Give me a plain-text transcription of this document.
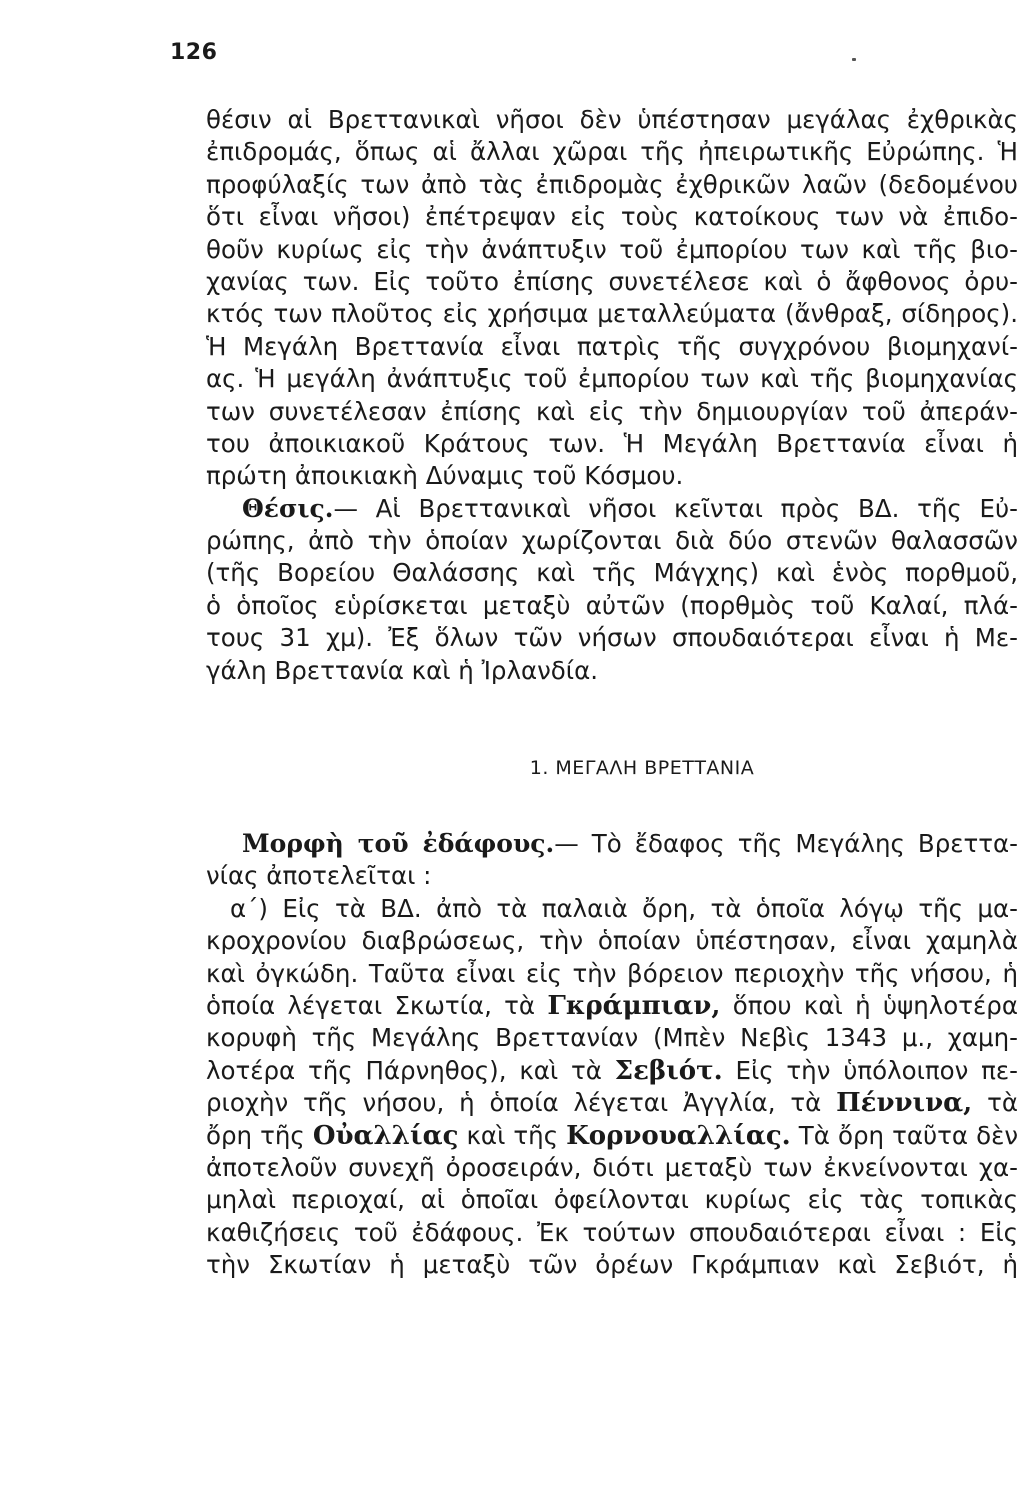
126
θέσιν αἱ Βρεττανικαὶ νῆσοι δὲν ὑπέστησαν μεγάλας ἐχθρικὰς
ἐπιδρομάς, ὅπως αἱ ἄλλαι χῶραι τῆς ἠπειρωτικῆς Εὐρώπης. Ἡ
προφύλαξίς των ἀπὸ τὰς ἐπιδρομὰς ἐχθρικῶν λαῶν (δεδομένου
ὅτι εἶναι νῆσοι) ἐπέτρεψαν εἰς τοὺς κατοίκους των νὰ ἐπιδο-
θοῦν κυρίως εἰς τὴν ἀνάπτυξιν τοῦ ἐμπορίου των καὶ τῆς βιο-
χανίας των. Εἰς τοῦτο ἐπίσης συνετέλεσε καὶ ὁ ἄφθονος ὀρυ-
κτός των πλοῦτος εἰς χρήσιμα μεταλλεύματα (ἄνθραξ, σίδηρος).
Ἡ Μεγάλη Βρεττανία εἶναι πατρὶς τῆς συγχρόνου βιομηχανί-
ας. Ἡ μεγάλη ἀνάπτυξις τοῦ ἐμπορίου των καὶ τῆς βιομηχανίας
των συνετέλεσαν ἐπίσης καὶ εἰς τὴν δημιουργίαν τοῦ ἀπεράν-
του ἀποικιακοῦ Κράτους των. Ἡ Μεγάλη Βρεττανία εἶναι ἡ
πρώτη ἀποικιακὴ Δύναμις τοῦ Κόσμου.
Θέσις.— Αἱ Βρεττανικαὶ νῆσοι κεῖνται πρὸς ΒΔ. τῆς Εὐ-
ρώπης, ἀπὸ τὴν ὁποίαν χωρίζονται διὰ δύο στενῶν θαλασσῶν
(τῆς Βορείου Θαλάσσης καὶ τῆς Μάγχης) καὶ ἑνὸς πορθμοῦ,
ὁ ὁποῖος εὑρίσκεται μεταξὺ αὐτῶν (πορθμὸς τοῦ Καλαί, πλά-
τους 31 χμ). Ἐξ ὅλων τῶν νήσων σπουδαιότεραι εἶναι ἡ Με-
γάλη Βρεττανία καὶ ἡ Ἰρλανδία.
1. ΜΕΓΑΛΗ ΒΡΕΤΤΑΝΙΑ
Μορφὴ τοῦ ἐδάφους.— Τὸ ἔδαφος τῆς Μεγάλης Βρεττα-
νίας ἀποτελεῖται :
α΄) Εἰς τὰ ΒΔ. ἀπὸ τὰ παλαιὰ ὄρη, τὰ ὁποῖα λόγῳ τῆς μα-
κροχρονίου διαβρώσεως, τὴν ὁποίαν ὑπέστησαν, εἶναι χαμηλὰ
καὶ ὀγκώδη. Ταῦτα εἶναι εἰς τὴν βόρειον περιοχὴν τῆς νήσου, ἡ
ὁποία λέγεται Σκωτία, τὰ Γκράμπιαν, ὅπου καὶ ἡ ὑψηλοτέρα
κορυφὴ τῆς Μεγάλης Βρεττανίαν (Μπὲν Νεβὶς 1343 μ., χαμη-
λοτέρα τῆς Πάρνηθος), καὶ τὰ Σεβιότ. Εἰς τὴν ὑπόλοιπον πε-
ριοχὴν τῆς νήσου, ἡ ὁποία λέγεται Ἀγγλία, τὰ Πέννινα, τὰ
ὄρη τῆς Οὐαλλίας καὶ τῆς Κορνουαλλίας. Τὰ ὄρη ταῦτα δὲν
ἀποτελοῦν συνεχῆ ὀροσειράν, διότι μεταξὺ των ἐκνείνονται χα-
μηλαὶ περιοχαί, αἱ ὁποῖαι ὀφείλονται κυρίως εἰς τὰς τοπικὰς
καθιζήσεις τοῦ ἐδάφους. Ἐκ τούτων σπουδαιότεραι εἶναι : Εἰς
τὴν Σκωτίαν ἡ μεταξὺ τῶν ὀρέων Γκράμπιαν καὶ Σεβιότ, ἡ
